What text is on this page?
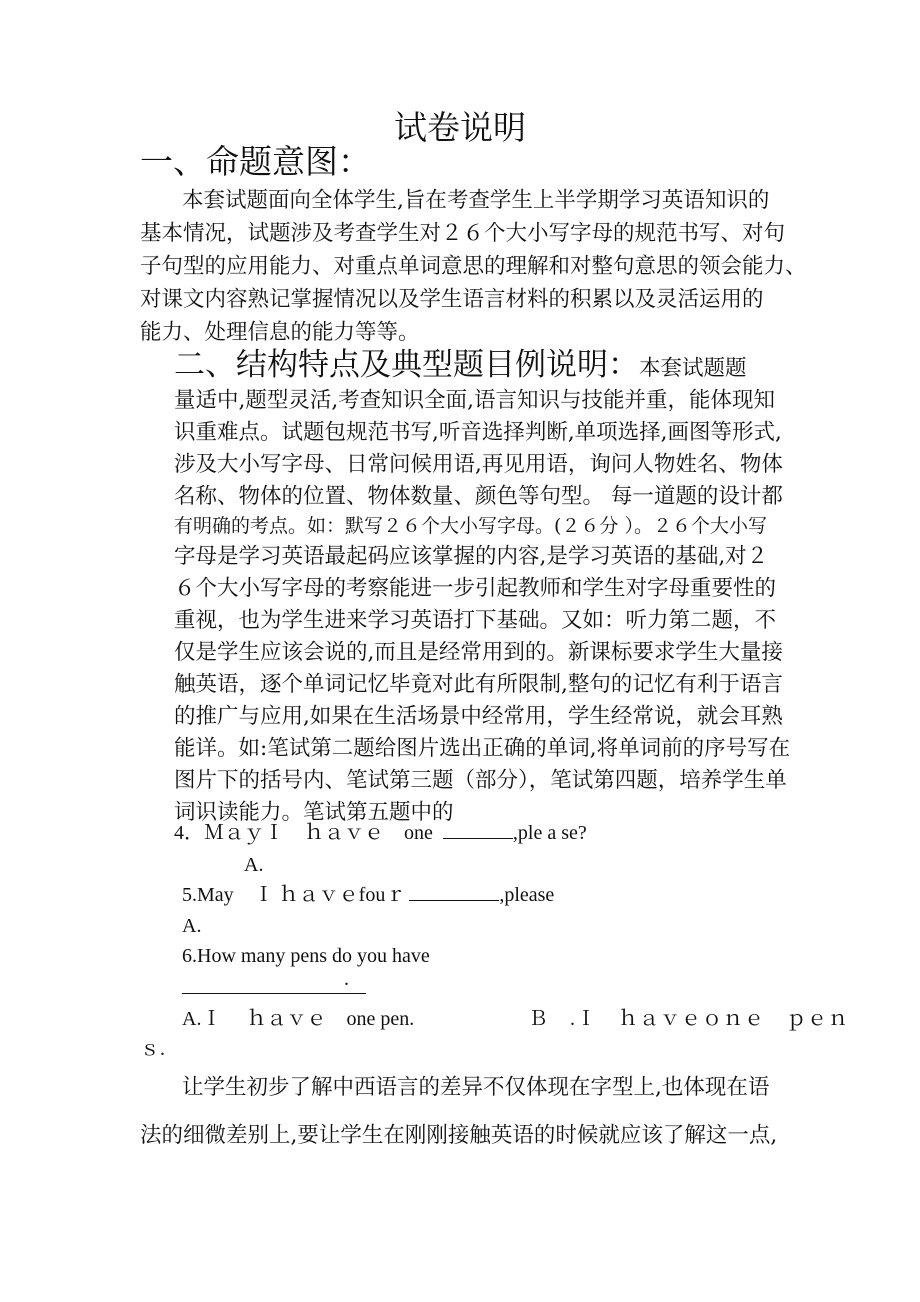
试卷说明
一、命题意图：
本套试题面向全体学生,旨在考查学生上半学期学习英语知识的
基本情况，试题涉及考查学生对２６个大小写字母的规范书写、对句
子句型的应用能力、对重点单词意思的理解和对整句意思的领会能力、
对课文内容熟记掌握情况以及学生语言材料的积累以及灵活运用的
能力、处理信息的能力等等。
二、结构特点及典型题目例说明：本套试题题
量适中,题型灵活,考查知识全面,语言知识与技能并重，能体现知
识重难点。试题包规范书写,听音选择判断,单项选择,画图等形式,
涉及大小写字母、日常问候用语,再见用语，询问人物姓名、物体
名称、物体的位置、物体数量、颜色等句型。 每一道题的设计都
有明确的考点。如：默写２６个大小写字母。(２６分 ）。２６个大小写
字母是学习英语最起码应该掌握的内容,是学习英语的基础,对２
６个大小写字母的考察能进一步引起教师和学生对字母重要性的
重视，也为学生进来学习英语打下基础。又如：听力第二题，不
仅是学生应该会说的,而且是经常用到的。新课标要求学生大量接
触英语，逐个单词记忆毕竟对此有所限制,整句的记忆有利于语言
的推广与应用,如果在生活场景中经常用，学生经常说，就会耳熟
能详。如:笔试第二题给图片选出正确的单词,将单词前的序号写在
图片下的括号内、笔试第三题（部分），笔试第四题，培养学生单
词识读能力。笔试第五题中的
4．ＭａｙＩ　ｈａｖｅ　one	,ple a se?
A.
5.May　Ｉ ｈａｖｅfouｒ	,please
A.
6.How many pens do you have
.
A.Ｉ　 ｈａｖｅ　one pen.	Ｂ　.Ｉ　ｈａｖｅｏｎｅ　ｐｅｎ
ｓ.
让学生初步了解中西语言的差异不仅体现在字型上,也体现在语
法的细微差别上,要让学生在刚刚接触英语的时候就应该了解这一点,
